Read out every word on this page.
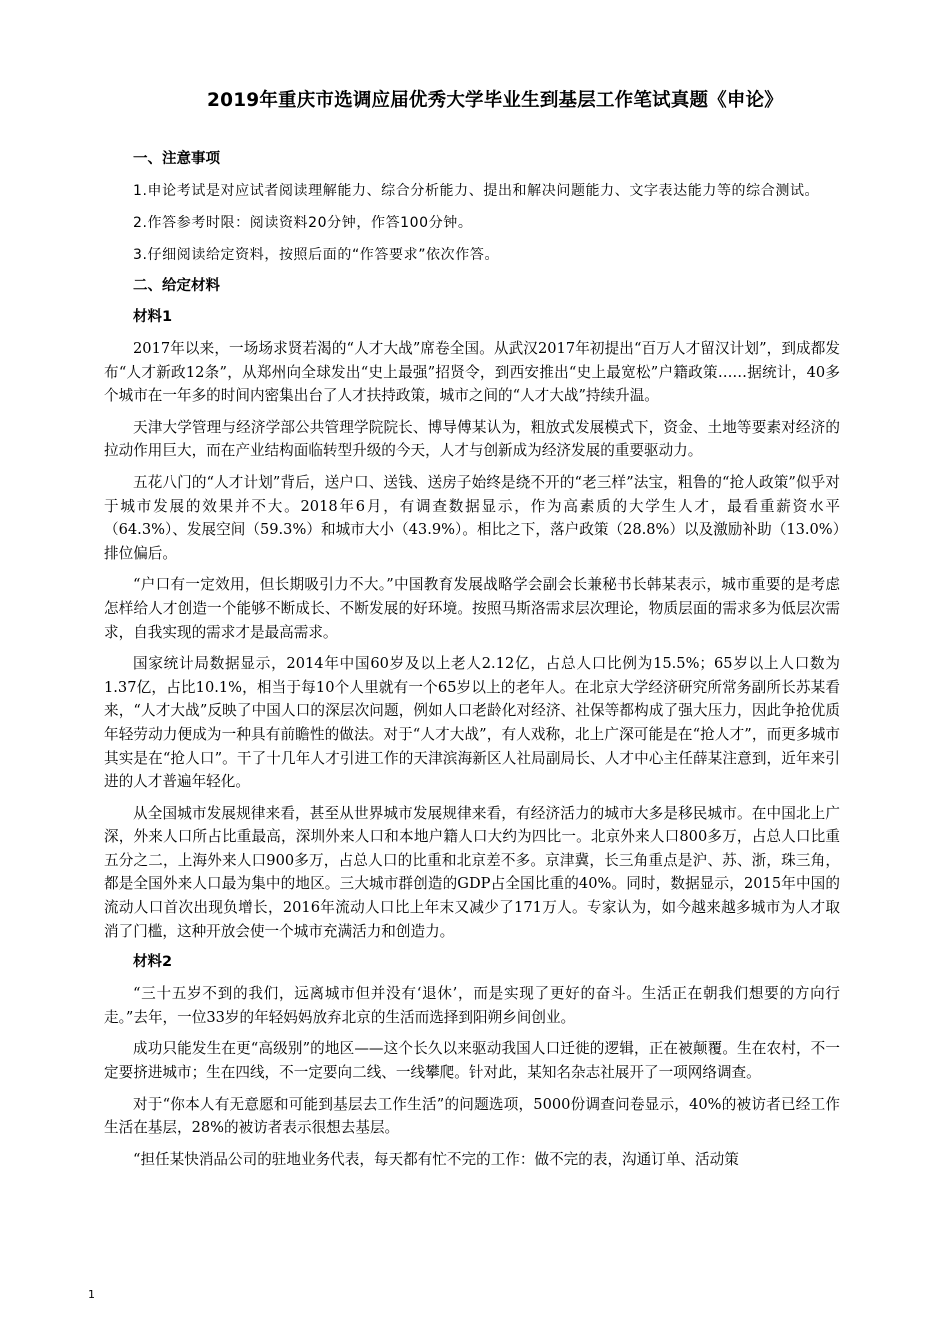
2019年重庆市选调应届优秀大学毕业生到基层工作笔试真题《申论》
一、注意事项

1.申论考试是对应试者阅读理解能力、综合分析能力、提出和解决问题能力、文字表达能力等的综合测试。

2.作答参考时限：阅读资料20分钟，作答100分钟。

3.仔细阅读给定资料，按照后面的“作答要求”依次作答。

二、给定材料
材料1

2017年以来，一场场求贤若渴的“人才大战”席卷全国。从武汉2017年初提出“百万人才留汉计划”，到成都发布“人才新政12条”，从郑州向全球发出“史上最强”招贤令，到西安推出“史上最宽松”户籍政策……据统计，40多个城市在一年多的时间内密集出台了人才扶持政策，城市之间的“人才大战”持续升温。

天津大学管理与经济学部公共管理学院院长、博导傅某认为，粗放式发展模式下，资金、土地等要素对经济的拉动作用巨大，而在产业结构面临转型升级的今天，人才与创新成为经济发展的重要驱动力。

五花八门的“人才计划”背后，送户口、送钱、送房子始终是绕不开的“老三样”法宝，粗鲁的“抢人政策”似乎对于城市发展的效果并不大。2018年6月，有调查数据显示，作为高素质的大学生人才，最看重薪资水平（64.3%）、发展空间（59.3%）和城市大小（43.9%）。相比之下，落户政策（28.8%）以及激励补助（13.0%）排位偏后。

“户口有一定效用，但长期吸引力不大。”中国教育发展战略学会副会长兼秘书长韩某表示，城市重要的是考虑怎样给人才创造一个能够不断成长、不断发展的好环境。按照马斯洛需求层次理论，物质层面的需求多为低层次需求，自我实现的需求才是最高需求。

国家统计局数据显示，2014年中国60岁及以上老人2.12亿，占总人口比例为15.5%；65岁以上人口数为1.37亿，占比10.1%，相当于每10个人里就有一个65岁以上的老年人。在北京大学经济研究所常务副所长苏某看来，“人才大战”反映了中国人口的深层次问题，例如人口老龄化对经济、社保等都构成了强大压力，因此争抢优质年轻劳动力便成为一种具有前瞻性的做法。对于“人才大战”，有人戏称，北上广深可能是在“抢人才”，而更多城市其实是在“抢人口”。干了十几年人才引进工作的天津滨海新区人社局副局长、人才中心主任薛某注意到，近年来引进的人才普遍年轻化。

从全国城市发展规律来看，甚至从世界城市发展规律来看，有经济活力的城市大多是移民城市。在中国北上广深，外来人口所占比重最高，深圳外来人口和本地户籍人口大约为四比一。北京外来人口800多万，占总人口比重五分之二，上海外来人口900多万，占总人口的比重和北京差不多。京津冀，长三角重点是沪、苏、浙，珠三角，都是全国外来人口最为集中的地区。三大城市群创造的GDP占全国比重的40%。同时，数据显示，2015年中国的流动人口首次出现负增长，2016年流动人口比上年末又减少了171万人。专家认为，如今越来越多城市为人才取消了门槛，这种开放会使一个城市充满活力和创造力。

材料2

“三十五岁不到的我们，远离城市但并没有‘退休’，而是实现了更好的奋斗。生活正在朝我们想要的方向行走。”去年，一位33岁的年轻妈妈放弃北京的生活而选择到阳朔乡间创业。

成功只能发生在更“高级别”的地区——这个长久以来驱动我国人口迁徙的逻辑，正在被颠覆。生在农村，不一定要挤进城市；生在四线，不一定要向二线、一线攀爬。针对此，某知名杂志社展开了一项网络调查。

对于“你本人有无意愿和可能到基层去工作生活”的问题选项，5000份调查问卷显示，40%的被访者已经工作生活在基层，28%的被访者表示很想去基层。

“担任某快消品公司的驻地业务代表，每天都有忙不完的工作：做不完的表，沟通订单、活动策

1
